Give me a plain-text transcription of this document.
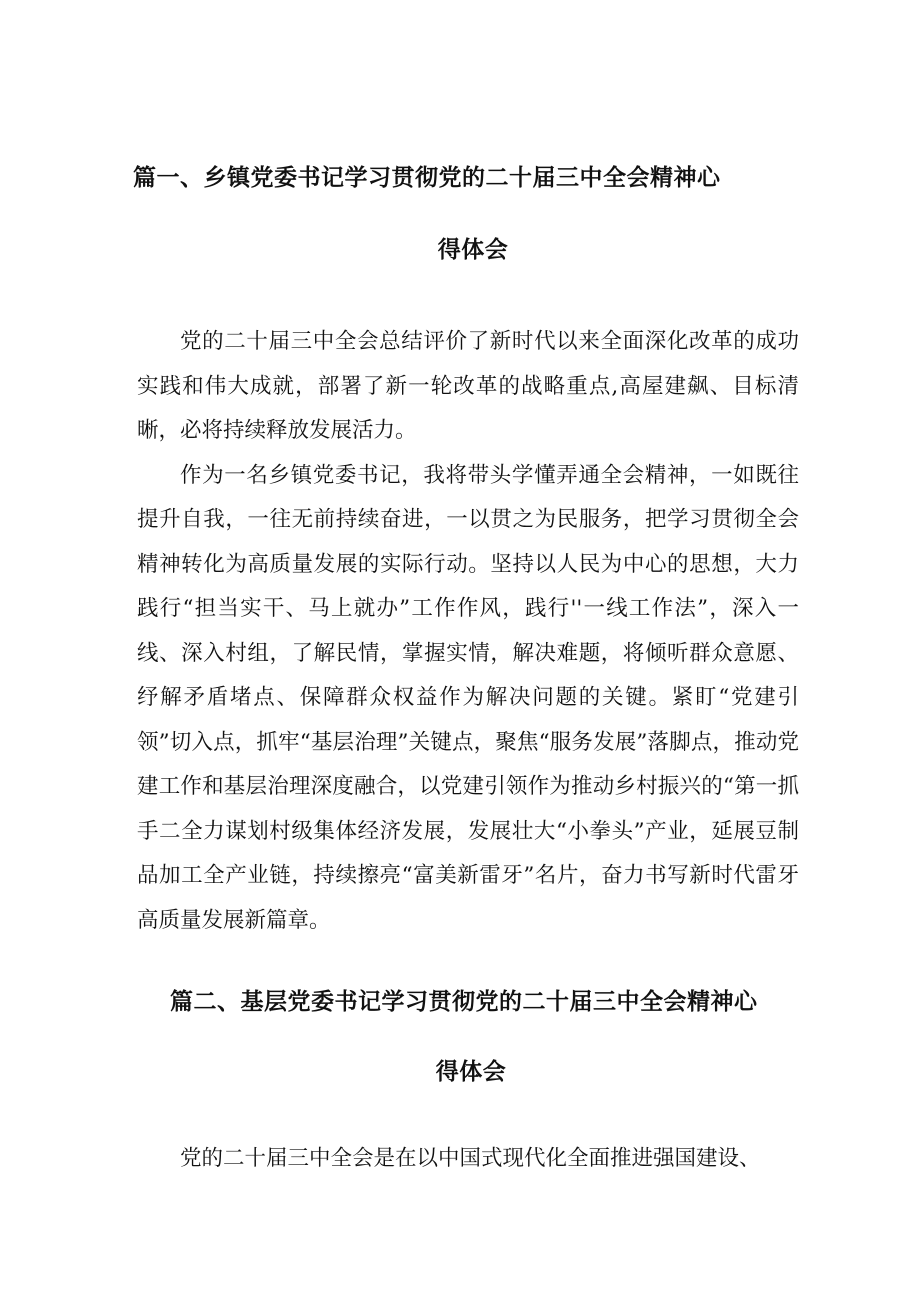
篇一、乡镇党委书记学习贯彻党的二十届三中全会精神心
得体会

党的二十届三中全会总结评价了新时代以来全面深化改革的成功实践和伟大成就，部署了新一轮改革的战略重点,高屋建飙、目标清晰，必将持续释放发展活力。

作为一名乡镇党委书记，我将带头学懂弄通全会精神，一如既往提升自我，一往无前持续奋进，一以贯之为民服务，把学习贯彻全会精神转化为高质量发展的实际行动。坚持以人民为中心的思想，大力践行“担当实干、马上就办”工作作风，践行''一线工作法”，深入一线、深入村组，了解民情，掌握实情，解决难题，将倾听群众意愿、纾解矛盾堵点、保障群众权益作为解决问题的关键。紧盯“党建引领”切入点，抓牢“基层治理”关键点，聚焦“服务发展”落脚点，推动党建工作和基层治理深度融合，以党建引领作为推动乡村振兴的“第一抓手二全力谋划村级集体经济发展，发展壮大“小拳头”产业，延展豆制品加工全产业链，持续擦亮“富美新雷牙”名片，奋力书写新时代雷牙高质量发展新篇章。

篇二、基层党委书记学习贯彻党的二十届三中全会精神心
得体会

党的二十届三中全会是在以中国式现代化全面推进强国建设、
